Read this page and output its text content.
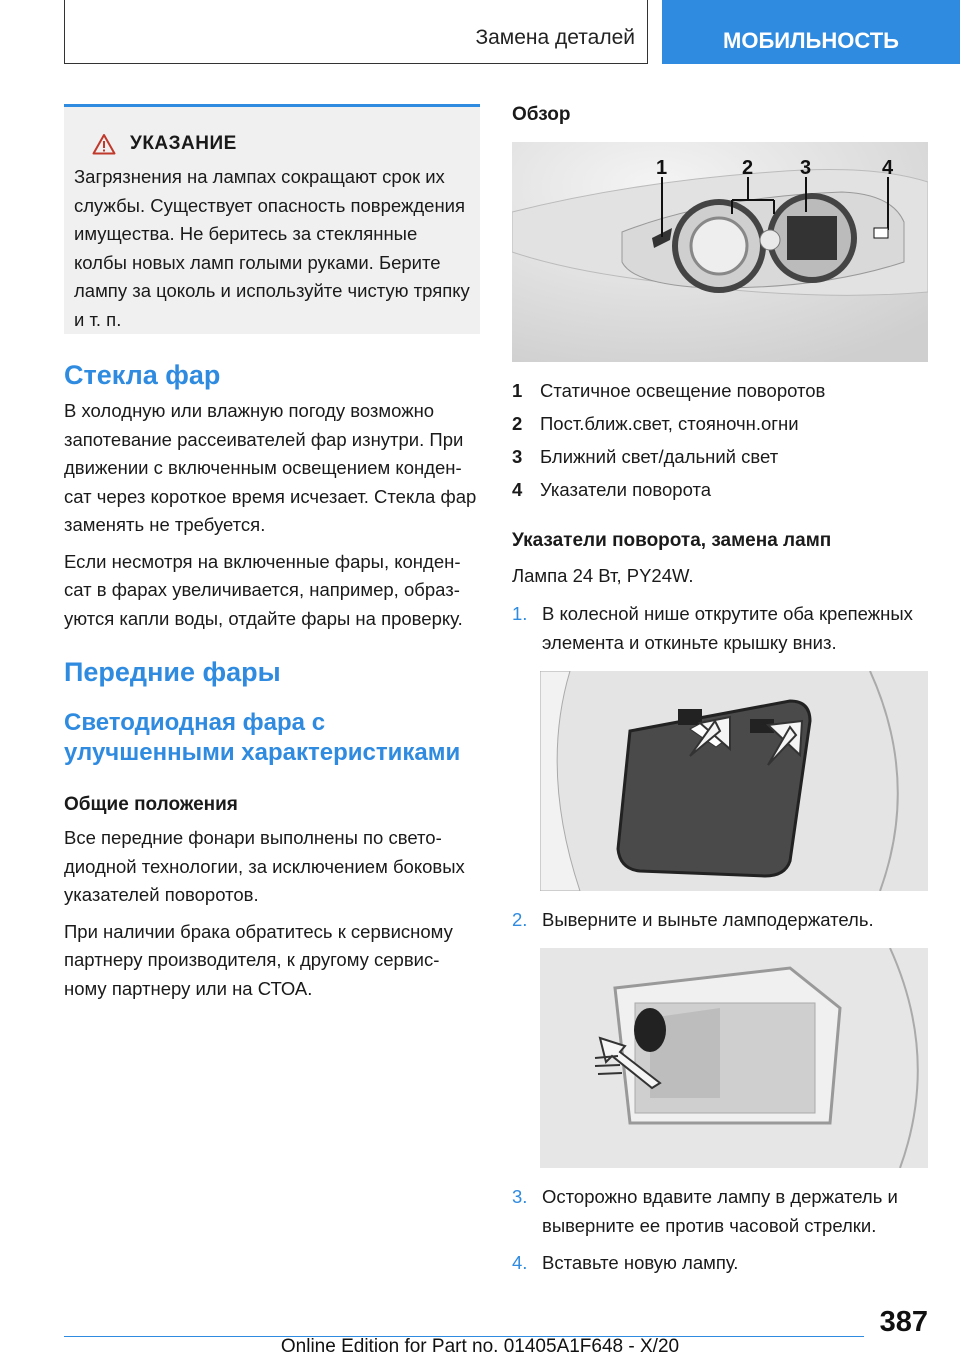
Замена деталей	МОБИЛЬНОСТЬ
УКАЗАНИЕ
Загрязнения на лампах сокращают срок их службы. Существует опасность повреждения имущества. Не беритесь за стеклянные колбы новых ламп голыми руками. Берите лампу за цоколь и используйте чистую тряпку и т. п.
Стекла фар

В холодную или влажную погоду возможно запотевание рассеивателей фар изнутри. При движении с включенным освещением конден-сат через короткое время исчезает. Стекла фар заменять не требуется.

Если несмотря на включенные фары, конден-сат в фарах увеличивается, например, образ-уются капли воды, отдайте фары на проверку.

Передние фары
Светодиодная фара с улучшенными характеристиками
Общие положения

Все передние фонари выполнены по свето-диодной технологии, за исключением боковых указателей поворотов.

При наличии брака обратитесь к сервисному партнеру производителя, к другому сервис-ному партнеру или на СТОА.

Обзор
1	2 3	4
1 Статичное освещение поворотов
2 Пост.ближ.свет, стояночн.огни
3 Ближний свет/дальний свет
4 Указатели поворота
Указатели поворота, замена ламп

Лампа 24 Вт, PY24W.

1. В колесной нише открутите оба крепежных элемента и откиньте крышку вниз.
2. Выверните и выньте ламподержатель.
3. Осторожно вдавите лампу в держатель и выверните ее против часовой стрелки.
4. Вставьте новую лампу.
387
Online Edition for Part no. 01405A1F648 - X/20
